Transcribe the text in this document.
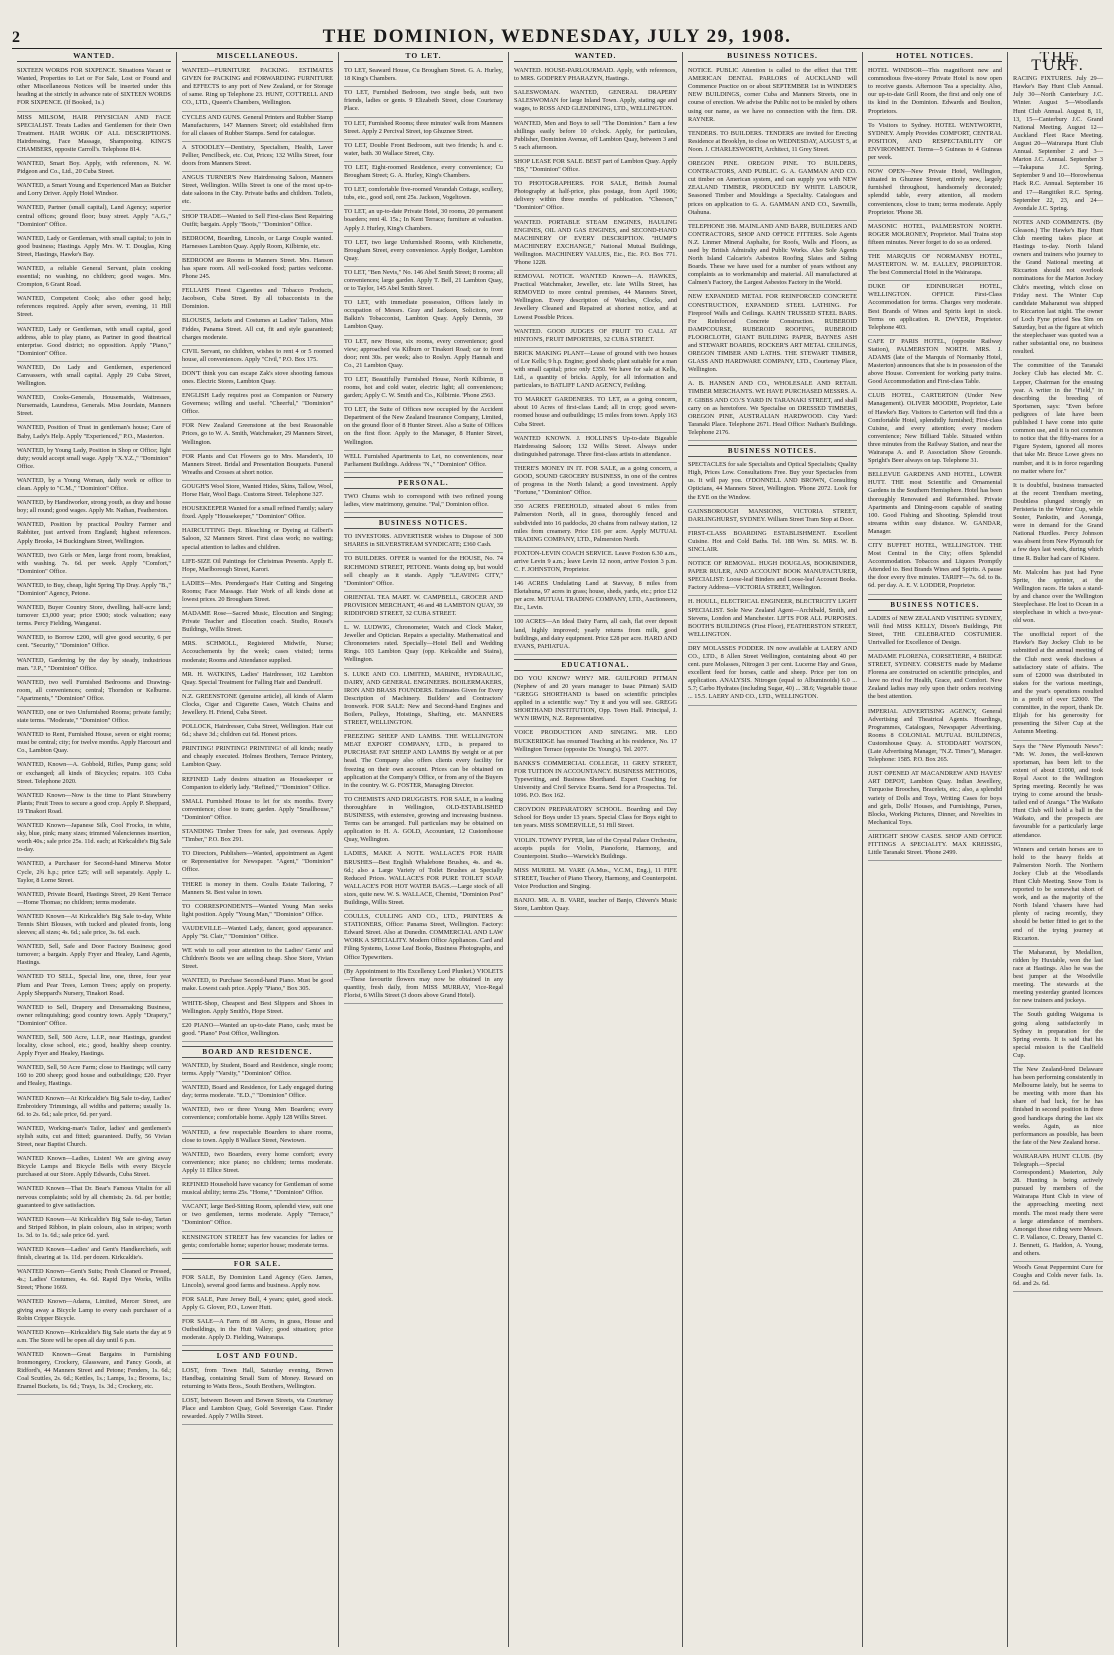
2	THE DOMINION, WEDNESDAY, JULY 29, 1908.
WANTED.
SIXTEEN WORDS FOR SIXPENCE. Situations Vacant or Wanted, Properties to Let or For Sale, Lost or Found and other Miscellaneous Notices will be inserted under this heading at the strictly in advance rate of SIXTEEN WORDS FOR SIXPENCE. (If Booked, 1s.)
MISS MILSOM, HAIR PHYSICIAN AND FACE SPECIALIST. Treats Ladies and Gentlemen for their Own Treatment. HAIR WORK OF ALL DESCRIPTIONS. Hairdressing, Face Massage, Shampooing. KING'S CHAMBERS, opposite Carroll's. Telephone 814.
WANTED, Smart Boy. Apply, with references, N. W. Pidgeon and Co., Ltd., 20 Cuba Street.
WANTED, a Smart Young and Experienced Man as Butcher and Lorry Driver. Apply Hotel Windsor.
WANTED, Partner (small capital), Land Agency; superior central offices; ground floor; busy street. Apply "A.G.," "Dominion" Office.
WANTED, Lady or Gentleman, with small capital; to join in good business; Hastings. Apply Mrs. W. T. Douglas, King Street, Hastings, Hawke's Bay.
WANTED, a reliable General Servant, plain cooking essential; no washing, no children; good wages. Mrs. Crompton, 6 Grant Road.
WANTED, Competent Cook; also other good help; references required. Apply after seven, evening, 11 Hill Street.
WANTED, Lady or Gentleman, with small capital, good address, able to play piano, as Partner in good theatrical enterprise. Good district; no opposition. Apply "Piano," "Dominion" Office.
WANTED, Do Lady and Gentlemen, experienced Canvassers, with small capital. Apply 29 Cuba Street, Wellington.
WANTED, Cooks-Generals, Housemaids, Waitresses, Nursemaids, Laundress, Generals. Miss Jourdain, Manners Street.
WANTED, Position of Trust in gentleman's house; Care of Baby, Lady's Help. Apply "Experienced," P.O., Masterton.
WANTED, by Young Lady, Position in Shop or Office; light duty; would accept small wage. Apply "X.Y.Z.," "Dominion" Office.
WANTED, by a Young Woman, daily work or office to clean. Apply to "C.M.," "Dominion" Office.
WANTED, by Handiworker, strong youth, as dray and house boy; all round; good wages. Apply Mr. Nathan, Featherston.
WANTED, Position by practical Poultry Farmer and Rabbiter, just arrived from England; highest references. Apply Brooks, 14 Buckingham Street, Wellington.
WANTED, two Girls or Men, large front room, breakfast, with washing. 7s. 6d. per week. Apply "Comfort," "Dominion" Office.
WANTED, to Buy, cheap, light Spring Tip Dray. Apply "B.," "Dominion" Agency, Petone.
WANTED, Buyer Country Store, dwelling, half-acre land; turnover £3,000 year; price £900; stock valuation; easy terms. Percy Fielding, Wanganui.
WANTED, to Borrow £200, will give good security, 6 per cent. "Security," "Dominion" Office.
WANTED, Gardening by the day by steady, industrious man. "J.P.," "Dominion" Office.
WANTED, two well Furnished Bedrooms and Drawing-room, all conveniences; central; Thorndon or Kelburne. "Apartments," "Dominion" Office.
WANTED, one or two Unfurnished Rooms; private family; state terms. "Moderate," "Dominion" Office.
WANTED to Rent, Furnished House, seven or eight rooms; must be central; city; for twelve months. Apply Harcourt and Co., Lambton Quay.
WANTED, Known—A. Gobbold, Rifles, Pump guns; sold or exchanged; all kinds of Bicycles; repairs. 103 Cuba Street. Telephone 2020.
WANTED Known—Now is the time to Plant Strawberry Plants; Fruit Trees to secure a good crop. Apply P. Sheppard, 19 Tinakori Road.
WANTED Known—Japanese Silk, Cool Frocks, in white, sky, blue, pink; many sizes; trimmed Valenciennes insertion, worth 40s.; sale price 25s. 11d. each; at Kirkcaldie's Big Sale to-day.
WANTED, a Purchaser for Second-hand Minerva Motor Cycle, 2¾ h.p.; price £25; will sell separately. Apply L. Taylor, 8 Lorne Street.
WANTED, Private Board, Hastings Street, 29 Kent Terrace—Home Thomas; no children; terms moderate.
WANTED Known—At Kirkcaldie's Big Sale to-day, White Tennis Shirt Blouses, with tucked and pleated fronts, long sleeves; all sizes; 4s. 6d.; sale price, 3s. 6d. each.
WANTED, Sell, Safe and Door Factory Business; good turnover; a bargain. Apply Fryer and Healey, Land Agents, Hastings.
WANTED TO SELL, Special line, one, three, four year Plum and Pear Trees, Lemon Trees; apply on property. Apply Sheppard's Nursery, Tinakori Road.
WANTED to Sell, Drapery and Dressmaking Business, owner relinquishing; good country town. Apply "Drapery," "Dominion" Office.
WANTED, Sell, 500 Acre, L.I.P., near Hastings, grandest locality, close school, etc.; good, healthy sheep country. Apply Fryer and Healey, Hastings.
WANTED, Sell, 50 Acre Farm; close to Hastings; will carry 160 to 200 sheep; good house and outbuildings; £20. Fryer and Healey, Hastings.
WANTED Known—At Kirkcaldie's Big Sale to-day, Ladies' Embroidery Trimmings, all widths and patterns; usually 1s. 6d. to 2s. 6d.; sale price, 6d. per yard.
WANTED, Working-man's Tailor, ladies' and gentlemen's stylish suits, cut and fitted; guaranteed. Duffy, 56 Vivian Street, near Baptist Church.
WANTED Known—Ladies, Listen! We are giving away Bicycle Lamps and Bicycle Bells with every Bicycle purchased at our Store. Apply Edwards, Cuba Street.
WANTED Known—That Dr. Bear's Famous Vitalin for all nervous complaints; sold by all chemists; 2s. 6d. per bottle; guaranteed to give satisfaction.
WANTED Known—At Kirkcaldie's Big Sale to-day, Tartan and Striped Ribbon, in plain colours, also in stripes; worth 1s. 3d. to 1s. 6d.; sale price 6d. yard.
WANTED Known—Ladies' and Gent's Handkerchiefs, soft finish, clearing at 1s. 11d. per dozen. Kirkcaldie's.
WANTED Known—Gent's Suits; Fresh Cleaned or Pressed, 4s.; Ladies' Costumes, 4s. 6d. Rapid Dye Works, Willis Street; 'Phone 1669.
WANTED Known—Adams, Limited, Mercer Street, are giving away a Bicycle Lamp to every cash purchaser of a Robin Cripper Bicycle.
WANTED Known—Kirkcaldie's Big Sale starts the day at 9 a.m. The Store will be open all day until 6 p.m.
WANTED Known—Great Bargains in Furnishing Ironmongery, Crockery, Glassware, and Fancy Goods, at Ridford's, 44 Manners Street and Petone; Fenders, 1s. 6d.; Coal Scuttles, 2s. 6d.; Kettles, 1s.; Lamps, 1s.; Brooms, 1s.; Enamel Buckets, 1s. 6d.; Trays, 1s. 3d.; Crockery, etc.
MISCELLANEOUS.
WANTED—FURNITURE PACKING. ESTIMATES GIVEN for PACKING and FORWARDING FURNITURE and EFFECTS to any port of New Zealand, or for Storage of same. Ring up Telephone 23. HUNT, COTTRELL AND CO., LTD., Queen's Chambers, Wellington.
CYCLES AND GUNS. General Printers and Rubber Stamp Manufacturers, 147 Manners Street; old established firm for all classes of Rubber Stamps. Send for catalogue.
A STOODLEY—Dentistry, Specialism, Health, Laver Pellier, Pencilbeck, etc. Cut, Prices; 132 Willis Street, four doors from Manners Street.
ANGUS TURNER'S New Hairdressing Saloon, Manners Street, Wellington. Willis Street is one of the most up-to-date saloons in the City. Private baths and children. Toilets, etc.
SHOP TRADE—Wanted to Sell First-class Best Repairing Outfit; bargain. Apply "Boots," "Dominion" Office.
BEDROOM, Boarding, Lincoln, or Large Couple wanted. Harnesses Lambton Quay. Apply Room, Kilbirnie, etc.
BEDROOM are Rooms in Manners Street. Mrs. Hanson has spare room. All well-cooked food; parties welcome. Phone 245.
FELLAHS Finest Cigarettes and Tobacco Products, Jacobson, Cuba Street. By all tobacconists in the Dominion.
BLOUSES, Jackets and Costumes at Ladies' Tailors, Miss Fiddes, Panama Street. All cut, fit and style guaranteed; charges moderate.
CIVIL Servant, no children, wishes to rent 4 or 5 roomed house, all conveniences. Apply "Civil," P.O. Box 175.
DON'T think you can escape Zak's stove shooting famous ones. Electric Stores, Lambton Quay.
ENGLISH Lady requires post as Companion or Nursery Governess; willing and useful. "Cheerful," "Dominion" Office.
FOR New Zealand Greenstone at the best Reasonable Prices, go to W. A. Smith, Watchmaker, 29 Manners Street, Wellington.
FOR Plants and Cut Flowers go to Mrs. Marsden's, 10 Manners Street. Bridal and Presentation Bouquets. Funeral Wreaths and Crosses at short notice.
GOUGH'S Wool Store, Wanted Hides, Skins, Tallow, Wool, Horse Hair, Wool Bags. Customs Street. Telephone 327.
HOUSEKEEPER Wanted for a small refined Family; salary fixed. Apply "Housekeeper," "Dominion" Office.
HAIRCUTTING Dept. Bleaching or Dyeing at Gilbert's Saloon, 32 Manners Street. First class work; no waiting; special attention to ladies and children.
LIFE-SIZE Oil Paintings for Christmas Presents. Apply E. Hope, Marlborough Street, Karori.
LADIES—Mrs. Prendergast's Hair Cutting and Singeing Rooms; Face Massage. Hair Work of all kinds done at lowest prices. 20 Brougham Street.
MADAME Rose—Sacred Music, Elocution and Singing; Private Teacher and Elocution coach. Studio, Rouse's Buildings, Willis Street.
MRS. SCHMOLL, Registered Midwife, Nurse; Accouchements by the week; cases visited; terms moderate; Rooms and Attendance supplied.
MR. H. WATKINS, Ladies' Hairdresser, 102 Lambton Quay. Special Treatment for Falling Hair and Dandruff.
N.Z. GREENSTONE (genuine article), all kinds of Alarm Clocks, Cigar and Cigarette Cases, Watch Chains and Jewellery. H. Friend, Cuba Street.
POLLOCK, Hairdresser, Cuba Street, Wellington. Hair cut 6d.; shave 3d.; children cut 6d. Honest prices.
PRINTING! PRINTING! PRINTING! of all kinds; neatly and cheaply executed. Holmes Brothers, Terrace Printery, Lambton Quay.
REFINED Lady desires situation as Housekeeper or Companion to elderly lady. "Refined," "Dominion" Office.
SMALL Furnished House to let for six months. Every convenience; close to tram; garden. Apply "Smallhouse," "Dominion" Office.
STANDING Timber Trees for sale, just overseas. Apply "Timber," P.O. Box 291.
TO Directors, Publishers—Wanted, appointment as Agent or Representative for Newspaper. "Agent," "Dominion" Office.
THERE is money in them. Coulis Estate Tailoring, 7 Manners St. Best value in town.
TO CORRESPONDENTS—Wanted Young Man seeks light position. Apply "Young Man," "Dominion" Office.
VAUDEVILLE—Wanted Lady, dancer, good appearance. Apply "St. Clair," "Dominion" Office.
WE wish to call your attention to the Ladies' Gents' and Children's Boots we are selling cheap. Shoe Store, Vivian Street.
WANTED, to Purchase Second-hand Piano. Must be good make. Lowest cash price. Apply "Piano," Box 305.
WHITE-Shop, Cheapest and Best Slippers and Shoes in Wellington. Apply Smith's, Hope Street.
£20 PIANO—Wanted an up-to-date Piano, cash; must be good. "Piano" Post Office, Wellington.
BOARD AND RESIDENCE.
WANTED, by Student, Board and Residence, single room; terms. Apply "Varsity," "Dominion" Office.
WANTED, Board and Residence, for Lady engaged during day; terms moderate. "E.D.," "Dominion" Office.
WANTED, two or three Young Men Boarders; every convenience; comfortable home. Apply 128 Willis Street.
WANTED, a few respectable Boarders to share rooms, close to town. Apply 8 Wallace Street, Newtown.
WANTED, two Boarders, every home comfort; every convenience; nice piano; no children; terms moderate. Apply 11 Ellice Street.
REFINED Household have vacancy for Gentleman of some musical ability; terms 25s. "Home," "Dominion" Office.
VACANT, large Bed-Sitting Room, splendid view, suit one or two gentlemen, terms moderate. Apply "Terrace," "Dominion" Office.
KENSINGTON STREET has few vacancies for ladies or gents; comfortable home; superior house; moderate terms.
FOR SALE.
FOR SALE, By Dominion Land Agency (Geo. James, Lincoln), several good farms and business. Apply now.
FOR SALE, Pure Jersey Bull, 4 years; quiet, good stock. Apply G. Glover, P.O., Lower Hutt.
FOR SALE—A Farm of 88 Acres, in grass, House and Outbuildings, in the Hutt Valley; good situation; price moderate. Apply D. Fielding, Wairarapa.
LOST AND FOUND.
LOST, from Town Hall, Saturday evening, Brown Handbag, containing Small Sum of Money. Reward on returning to Watts Bros., South Brothers, Wellington.
LOST, between Bowen and Bowen Streets, via Courtenay Place and Lambton Quay, Gold Sovereign Case. Finder rewarded. Apply 7 Willis Street.
TO LET.
TO LET, Seaward House, Cu Brougham Street. G. A. Hurley, 18 King's Chambers.
TO LET, Furnished Bedroom, two single beds, suit two friends, ladies or gents. 9 Elizabeth Street, close Courtenay Place.
TO LET, Furnished Rooms; three minutes' walk from Manners Street. Apply 2 Percival Street, top Ghuznee Street.
TO LET, Double Front Bedroom, suit two friends; h. and c. water, bath. 30 Wallace Street, City.
TO LET, Eight-roomed Residence, every convenience; Cu Brougham Street; G. A. Hurley, King's Chambers.
TO LET, comfortable five-roomed Verandah Cottage, scullery, tubs, etc., good soil, rent 25s. Jackson, Vogeltown.
TO LET, an up-to-date Private Hotel, 30 rooms, 20 permanent boarders; rent 4l. 15s.; In Kent Terrace; furniture at valuation. Apply J. Hurley, King's Chambers.
TO LET, two large Unfurnished Rooms, with Kitchenette, Brougham Street, every convenience. Apply Bodger, Lambton Quay.
TO LET, "Ben Nevis," No. 146 Abel Smith Street; 8 rooms; all conveniences; large garden. Apply T. Bell, 21 Lambton Quay, or to Taylor, 145 Abel Smith Street.
TO LET, with immediate possession, Offices lately in occupation of Messrs. Gray and Jackson, Solicitors, over Balkin's Tobacconist, Lambton Quay. Apply Dennis, 39 Lambton Quay.
TO LET, new House, six rooms, every convenience; good view; approached via Kilburn or Tinakori Road; car to front door; rent 30s. per week; also to Roslyn. Apply Hannah and Co., 21 Lambton Quay.
TO LET, Beautifully Furnished House, North Kilbirnie, 8 rooms, hot and cold water, electric light; all conveniences; garden; Apply C. W. Smith and Co., Kilbirnie. 'Phone 2563.
TO LET, the Suite of Offices now occupied by the Accident Department of the New Zealand Insurance Company, Limited, on the ground floor of 8 Hunter Street. Also a Suite of Offices on the first floor. Apply to the Manager, 8 Hunter Street, Wellington.
WELL Furnished Apartments to Let, no conveniences, near Parliament Buildings. Address "N.," "Dominion" Office.
PERSONAL.
TWO Chums wish to correspond with two refined young ladies, view matrimony, genuine. "Pal," Dominion office.
BUSINESS NOTICES.
TO INVESTORS. ADVERTISER wishes to Dispose of 300 SHARES in SILVERSTREAM SYNDICATE; £360 Cash.
TO BUILDERS. OFFER is wanted for the HOUSE, No. 74 RICHMOND STREET, PETONE. Wants doing up, but would sell cheaply as it stands. Apply "LEAVING CITY," "Dominion" Office.
ORIENTAL TEA MART. W. CAMPBELL, GROCER AND PROVISION MERCHANT, 46 and 48 LAMBTON QUAY, 39 RIDDIFORD STREET, 32 CUBA STREET.
L. W. LUDWIG, Chronometer, Watch and Clock Maker, Jeweller and Optician. Repairs a speciality. Mathematical and Chronometers rated. Specially—Hotel Bell and Wedding Rings. 103 Lambton Quay (opp. Kirkcaldie and Stains), Wellington.
S. LUKE AND CO. LIMITED, MARINE, HYDRAULIC, DAIRY, AND GENERAL ENGINEERS. BOILERMAKERS, IRON AND BRASS FOUNDERS. Estimates Given for Every Description of Machinery. Builders' and Contractors' Ironwork. FOR SALE: New and Second-hand Engines and Boilers, Pulleys, Hoistings, Shafting, etc. MANNERS STREET, WELLINGTON.
FREEZING SHEEP AND LAMBS. THE WELLINGTON MEAT EXPORT COMPANY, LTD., is prepared to PURCHASE FAT SHEEP AND LAMBS By weight or at per head. The Company also offers clients every facility for freezing on their own account. Prices can be obtained on application at the Company's Office, or from any of the Buyers in the country. W. G. FOSTER, Managing Director.
TO CHEMISTS AND DRUGGISTS. FOR SALE, in a leading thoroughfare in Wellington, OLD-ESTABLISHED BUSINESS, with extensive, growing and increasing business. Terms can be arranged. Full particulars may be obtained on application to H. A. GOLD, Accountant, 12 Customhouse Quay, Wellington.
LADIES, MAKE A NOTE. WALLACE'S FOR HAIR BRUSHES—Best English Whalebone Brushes, 4s. and 4s. 6d.; also a Large Variety of Toilet Brushes at Specially Reduced Prices. WALLACE'S FOR PURE TOILET SOAP. WALLACE'S FOR HOT WATER BAGS.—Large stock of all sizes, quite new. W. S. WALLACE, Chemist, "Dominion Post" Buildings, Willis Street.
COULLS, CULLING AND CO., LTD., PRINTERS & STATIONERS, Office: Panama Street, Wellington. Factory: Edward Street. Also at Dunedin. COMMERCIAL AND LAW WORK A SPECIALITY. Modern Office Appliances. Card and Filing Systems, Loose Leaf Books, Business Photographs, and Office Typewriters.
(By Appointment to His Excellency Lord Plunket.) VIOLETS—These favourite flowers may now be obtained in any quantity, fresh daily, from MISS MURRAY, Vice-Regal Florist, 6 Willis Street (3 doors above Grand Hotel).
WANTED.
WANTED. HOUSE-PARLOURMAID. Apply, with references, to MRS. GODFREY PHARAZYN, Hastings.
SALESWOMAN. WANTED, GENERAL DRAPERY SALESWOMAN for large Inland Town. Apply, stating age and wages, to ROSS AND GLENDINING, LTD., WELLINGTON.
WANTED, Men and Boys to sell "The Dominion." Earn a few shillings easily before 10 o'clock. Apply, for particulars, Publisher, Dominion Avenue, off Lambton Quay, between 3 and 5 each afternoon.
SHOP LEASE FOR SALE. BEST part of Lambton Quay. Apply "BS," "Dominion" Office.
TO PHOTOGRAPHERS. FOR SALE, British Journal Photography at half-price, plus postage, from April 1906; delivery within three months of publication. "Cheeson," "Dominion" Office.
WANTED. PORTABLE STEAM ENGINES, HAULING ENGINES, OIL AND GAS ENGINES, and SECOND-HAND MACHINERY OF EVERY DESCRIPTION. "HUMP'S MACHINERY EXCHANGE," National Mutual Buildings, Wellington. MACHINERY VALUES, Etc., Etc. P.O. Box 771. 'Phone 1228.
REMOVAL NOTICE. WANTED Known—A. HAWKES, Practical Watchmaker, Jeweller, etc. late Willis Street, has REMOVED to more central premises, 44 Manners Street, Wellington. Every description of Watches, Clocks, and Jewellery Cleaned and Repaired at shortest notice, and at Lowest Possible Prices.
WANTED. GOOD JUDGES OF FRUIT TO CALL AT HINTON'S, FRUIT IMPORTERS, 32 CUBA STREET.
BRICK MAKING PLANT—Lease of ground with two houses of Lor Kells; 9 h.p. Engine; good sheds; plant suitable for a man with small capital; price only £350. We have for sale at Kells, Ltd., a quantity of bricks. Apply, for all information and particulars, to BATLIFF LAND AGENCY, Feilding.
TO MARKET GARDENERS. TO LET, as a going concern, about 10 Acres of first-class Land; all in crop; good seven-roomed house and outbuildings; 15 miles from town. Apply 163 Cuba Street.
WANTED KNOWN. J. HOLLINS'S Up-to-date Bigeable Hairdressing Saloon; 132 Willis Street. Always under distinguished patronage. Three first-class artists in attendance.
THERE'S MONEY IN IT. FOR SALE, as a going concern, a GOOD, SOUND GROCERY BUSINESS, in one of the centres of progress in the North Island; a good investment. Apply "Fortune," "Dominion" Office.
350 ACRES FREEHOLD, situated about 6 miles from Palmerston North, all in grass, thoroughly fenced and subdivided into 16 paddocks, 20 chains from railway station, 12 miles from creamery. Price £16 per acre. Apply MUTUAL TRADING COMPANY, LTD., Palmerston North.
FOXTON-LEVIN COACH SERVICE. Leave Foxton 6.30 a.m., arrive Levin 9 a.m.; leave Levin 12 noon, arrive Foxton 3 p.m. C. F. JOHNSTON, Proprietor.
146 ACRES Undulating Land at Stavvay, 8 miles from Eketahuna, 97 acres in grass; house, sheds, yards, etc.; price £12 per acre. MUTUAL TRADING COMPANY, LTD., Auctioneers, Etc., Levin.
100 ACRES—An Ideal Dairy Farm, all cash, flat over deposit land, highly improved; yearly returns from milk, good buildings, and dairy equipment. Price £28 per acre. HARD AND EVANS, PAHIATUA.
EDUCATIONAL.
DO YOU KNOW? WHY? MR. GUILFORD PITMAN (Nephew of and 20 years manager to Isaac Pitman) SAID "GREGG SHORTHAND is based on scientific principles applied in a scientific way." Try it and you will see. GREGG SHORTHAND INSTITUTION, Opp. Town Hall. Principal, J. WYN IRWIN, N.Z. Representative.
VOICE PRODUCTION AND SINGING. MR. LEO BUCKERIDGE has resumed Teaching at his residence, No. 17 Wellington Terrace (opposite Dr. Young's). Tel. 2077.
BANKS'S COMMERCIAL COLLEGE, 11 GREY STREET, FOR TUITION IN ACCOUNTANCY. BUSINESS METHODS, Typewriting, and Business Shorthand. Expert Coaching for University and Civil Service Exams. Send for a Prospectus. Tel. 1096. P.O. Box 162.
CROYDON PREPARATORY SCHOOL. Boarding and Day School for Boys under 13 years. Special Class for Boys eight to ten years. MISS SOMERVILLE, 51 Hill Street.
VIOLIN. TOWNY PYPER, late of the Crystal Palace Orchestra, accepts pupils for Violin, Pianoforte, Harmony, and Counterpoint. Studio—Warwick's Buildings.
MISS MURIEL M. VARE (A.Mus., V.C.M., Eng.), 11 FIFE STREET, Teacher of Piano Theory, Harmony, and Counterpoint. Voice Production and Singing.
BANJO. MR. A. B. VARE, teacher of Banjo, Chivers's Music Store, Lambton Quay.
BUSINESS NOTICES.
NOTICE. PUBLIC Attention is called to the effect that THE AMERICAN DENTAL PARLORS of AUCKLAND will Commence Practice on or about SEPTEMBER 1st in WINDER'S NEW BUILDINGS, corner Cuba and Manners Streets, one in course of erection. We advise the Public not to be misled by others using our name, as we have no connection with the firm. DR. RAYNER.
TENDERS. TO BUILDERS. TENDERS are invited for Erecting Residence at Brooklyn, to close on WEDNESDAY, AUGUST 5, at Noon. J. CHARLESWORTH, Architect, 11 Grey Street.
OREGON PINE. OREGON PINE. TO BUILDERS, CONTRACTORS, AND PUBLIC. G. A. GAMMAN AND CO. cut timber on American system, and can supply you with NEW ZEALAND TIMBER, PRODUCED BY WHITE LABOUR, Seasoned Timber and Mouldings a Speciality. Catalogues and prices on application to G. A. GAMMAN AND CO., Sawmills, Otahuna.
TELEPHONE 398. MAINLAND AND BARR, BUILDERS AND CONTRACTORS, SHOP AND OFFICE FITTERS. Sole Agents N.Z. Linmer Mineral Asphalte, for Roofs, Walls and Floors, as used by British Admiralty and Public Works. Also Sole Agents North Island Calcario's Asbestos Roofing Slates and Siding Boards. These we have used for a number of years without any complaints as to workmanship and material. All manufactured at Calmen's Factory, the Largest Asbestos Factory in the World.
NEW EXPANDED METAL FOR REINFORCED CONCRETE CONSTRUCTION, EXPANDED STEEL LATHING. For Fireproof Walls and Ceilings. KAHN TRUSSED STEEL BARS. For Reinforced Concrete Construction. RUBEROID DAMPCOURSE, RUBEROID ROOFING, RUBEROID FLOORCLOTH, GIANT BUILDING PAPER, BAYNES ASH and STEWART BOARDS, ROCKER'S ART METAL CEILINGS, OREGON TIMBER AND LATHS. THE STEWART TIMBER, GLASS AND HARDWARE COMPANY, LTD., Courtenay Place, Wellington.
A. B. HANSEN AND CO., WHOLESALE AND RETAIL TIMBER MERCHANTS. WE HAVE PURCHASED MESSRS. A. F. GIBBS AND CO.'S YARD IN TARANAKI STREET, and shall carry on as heretofore. We Specialise on DRESSED TIMBERS, OREGON PINE, AUSTRALIAN HARDWOOD. City Yard: Taranaki Place. Telephone 2671. Head Office: Nathan's Buildings. Telephone 2176.
BUSINESS NOTICES.
SPECTACLES for sale Specialists and Optical Specialists; Quality High, Prices Low. Consultations Free. Buy your Spectacles from us. It will pay you. O'DONNELL AND BROWN, Consulting Opticians, 44 Manners Street, Wellington. 'Phone 2072. Look for the EYE on the Window.
GAINSBOROUGH MANSIONS, VICTORIA STREET, DARLINGHURST, SYDNEY. William Street Tram Stop at Door.
FIRST-CLASS BOARDING ESTABLISHMENT. Excellent Cuisine. Hot and Cold Baths. Tel. 188 Wm. St. MRS. W. B. SINCLAIR.
NOTICE OF REMOVAL. HUGH DOUGLAS, BOOKBINDER, PAPER RULER, AND ACCOUNT BOOK MANUFACTURER, SPECIALIST: Loose-leaf Binders and Loose-leaf Account Books. Factory Address—VICTORIA STREET, Wellington.
H. HOULL, ELECTRICAL ENGINEER, BLECTRICITY LIGHT SPECIALIST. Sole New Zealand Agent—Archibald, Smith, and Stevens, London and Manchester. LIFTS FOR ALL PURPOSES. BOOTH'S BUILDINGS (First Floor), FEATHERSTON STREET, WELLINGTON.
DRY MOLASSES FODDER. IN now available at LAERY AND CO., LTD., 8 Allen Street Wellington, containing about 40 per cent. pure Molasses, Nitrogen 3 per cent. Lucerne Hay and Grass, excellent feed for horses, cattle and sheep. Price per ton on application. ANALYSIS. Nitrogen (equal to Albuminoids) 6.0 ... 5.7; Carbo Hydrates (including Sugar, 40) ... 38.6; Vegetable tissue ... 15.5. LAERY AND CO., LTD., WELLINGTON.
HOTEL NOTICES.
HOTEL WINDSOR—This magnificent new and commodious five-storey Private Hotel is now open to receive guests. Afternoon Tea a speciality. Also, our up-to-date Grill Room, the first and only one of its kind in the Dominion. Edwards and Boulton, Proprietors.
To Visitors to Sydney. HOTEL WENTWORTH, SYDNEY. Amply Provides COMFORT, CENTRAL POSITION, AND RESPECTABILITY OF ENVIRONMENT. Terms—5 Guineas to 4 Guineas per week.
NOW OPEN—New Private Hotel, Wellington, situated in Ghuznee Street, entirely new, largely furnished throughout, handsomely decorated; splendid table, every attention, all modern conveniences, close to tram; terms moderate. Apply Proprietor. 'Phone 38.
MASONIC HOTEL, PALMERSTON NORTH. ROGER MOLRONEY, Proprietor. Mail Trains stop fifteen minutes. Never forget to do so as ordered.
THE MARQUIS OF NORMANBY HOTEL, MASTERTON. W. M. EALLEY, PROPRIETOR. The best Commercial Hotel in the Wairarapa.
DUKE OF EDINBURGH HOTEL, WELLINGTON. OFFICE First-Class Accommodation for terms. Charges very moderate. Best Brands of Wines and Spirits kept in stock. Terms on application. R. DWYER, Proprietor. Telephone 403.
CAFE D' PARIS HOTEL, (opposite Railway Station), PALMERSTON NORTH. MRS. J. ADAMS (late of the Marquis of Normanby Hotel, Masterton) announces that she is in possession of the above House. Convenient for working party trains. Good Accommodation and First-class Table.
CLUB HOTEL, CARTERTON (Under New Management). OLIVER MOODIE, Proprietor, Late of Hawke's Bay. Visitors to Carterton will find this a Comfortable Hotel, splendidly furnished; First-class Cuisine, and every attention; every modern convenience; New Billiard Table. Situated within three minutes from the Railway Station, and near the Wairarapa A. and P. Association Show Grounds. Spright's Beer always on tap. Telephone 31.
BELLEVUE GARDENS AND HOTEL, LOWER HUTT. THE most Scientific and Ornamental Gardens in the Southern Hemisphere. Hotel has been thoroughly Renovated and Refurnished. Private Apartments and Dining-room capable of seating 100. Good Fishing and Shooting. Splendid trout streams within easy distance. W. GANDAR, Manager.
CITY BUFFET HOTEL, WELLINGTON. THE Most Central in the City; offers Splendid Accommodation. Tobaccos and Liquors Promptly Attended to. Best Brands Wines and Spirits. A pause the door every five minutes. TARIFF—7s. 6d. to 8s. 6d. per day. A. E. V. LODDER, Proprietor.
BUSINESS NOTICES.
LADIES of NEW ZEALAND VISITING SYDNEY, Will find MISS KELLY, Dixon's Buildings, Pitt Street, THE CELEBRATED COSTUMIER. Unrivalled for Excellence of Design.
MADAME FLORENA, CORSETIERE, 4 BRIDGE STREET, SYDNEY. CORSETS made by Madame Florena are constructed on scientific principles, and have no rival for Health, Grace, and Comfort. New Zealand ladies may rely upon their orders receiving the best attention.
IMPERIAL ADVERTISING AGENCY, General Advertising and Theatrical Agents. Hoardings, Programmes, Catalogues, Newspaper Advertising. Rooms 8 COLONIAL MUTUAL BUILDINGS, Customhouse Quay. A. STODDART WATSON, (Late Advertising Manager, "N.Z. Times"), Manager. Telephone: 1585. P.O. Box 265.
JUST OPENED AT MACANDREW AND HAYES' ART DEPOT, Lambton Quay. Indian Jewellery, Turquoise Brooches, Bracelets, etc.; also, a splendid variety of Dolls and Toys, Writing Cases for boys and girls, Dolls' Houses, and Furnishings, Purses, Blocks, Working Pictures, Dinner, and Novelties in Mechanical Toys.
AIRTIGHT SHOW CASES. SHOP AND OFFICE FITTINGS A SPECIALITY. MAX KREISSIG, Little Taranaki Street. 'Phone 2499.
THE TURF.
RACING FIXTURES. July 29—Hawke's Bay Hunt Club Annual. July 30—North Canterbury J.C. Winter. August 5—Woodlands Hunt Club Annual. August 8, 11, 13, 15—Canterbury J.C. Grand National Meeting. August 12—Auckland Fleet Race Meeting. August 20—Wairarapa Hunt Club Annual. September 2 and 3—Marton J.C. Annual. September 3—Takapuna J.C. Spring. September 9 and 10—Horowhenua Hack R.C. Annual. September 16 and 17—Rangitikei R.C. Spring. September 22, 23, and 24—Avondale J.C. Spring.
NOTES AND COMMENTS. (By Gleason.) The Hawke's Bay Hunt Club meeting takes place at Hastings to-day. North Island owners and trainers who journey to the Grand National meeting at Riccarton should not overlook nominations for the Marton Jockey Club's meeting, which close on Friday next. The Winter Cup candidate Maharanui was shipped to Riccarton last night. The owner of Loch Fyne priced Sea Sim on Saturday, but as the figure at which the steeplechaser was quoted was a rather substantial one, no business resulted.
The committee of the Taranaki Jockey Club has elected Mr. C. Lepper, Chairman for the ensuing year. A writer in the "Field," in describing the breeding of Sportsmen, says: "Even before pedigrees of late have been published I have come into quite common use, and it is not common to notice that the fifty-mares for a Figure System, ignored all mores that take Mr. Bruce Lowe gives no number, and it is in force regarding no matter where for."
It is doubtful, business transacted at the recent Trentham meeting, Doubtless plunged strongly on Peristeria in the Winter Cup, while Souter, Pankstin, and Aoranga, were in demand for the Grand National Hurdles. Percy Johnson was absent from New Plymouth for a few days last week, during which time R. Bulter had care of Kistere.
Mr. Malcolm has just had Fyne Sprite, the sprinter, at the Wellington races. He takes a stand-by and chance over the Wellington Steeplechase. He lost to Ocean in a steeplechase in which a two-year-old won.
The unofficial report of the Hawke's Bay Jockey Club to be submitted at the annual meeting of the Club next week discloses a satisfactory state of affairs. The sum of £2000 was distributed in stakes for the various meetings, and the year's operations resulted in a profit of over £2000. The committee, in the report, thank Dr. Elijah for his generosity for presenting the Silver Cup at the Autumn Meeting.
Says the "New Plymouth News": "Mr. W. Jones, the well-known sportsman, has been left to the extent of about £1000, and took Royal Ascot to the Wellington Spring meeting. Recently he was trying to come around the brush-tailed end of Aranga." The Waikato Hunt Club will hold a ball in the Waikato, and the prospects are favourable for a particularly large attendance.
Winners and certain horses are to hold to the heavy fields at Palmerston North. The Northern Jockey Club at the Woodlands Hunt Club Meeting. Snow Tom is reported to be somewhat short of work, and as the majority of the North Island 'chasers have had plenty of racing recently, they should be better fitted to get to the end of the trying journey at Riccarton.
The Maharanui, by Medallion, ridden by Huxtable, won the last race at Hastings. Also he was the best jumper at the Woodville meeting. The stewards at the meeting yesterday granted licences for new trainers and jockeys.
The South guiding Waiguma is going along satisfactorily in Sydney in preparation for the Spring events. It is said that his special mission is the Caulfield Cup.
The New Zealand-bred Delaware has been performing consistently in Melbourne lately, but he seems to be meeting with more than his share of bad luck, for he has finished in second position in three good handicaps during the last six weeks. Again, as nice performances as possible, has been the fate of the New Zealand horse.
WAIRARAPA HUNT CLUB. (By Telegraph.—Special Correspondent.) Masterton, July 28. Hunting is being actively pursued by members of the Wairarapa Hunt Club in view of the approaching meeting next month. The most ready there were a large attendance of members. Amongst those riding were Messrs. C. P. Vallance, C. Dreary, Daniel C. J. Bennett, G. Haddon, A. Young, and others.
Wood's Great Peppermint Cure for Coughs and Colds never fails. 1s. 6d. and 2s. 6d.
